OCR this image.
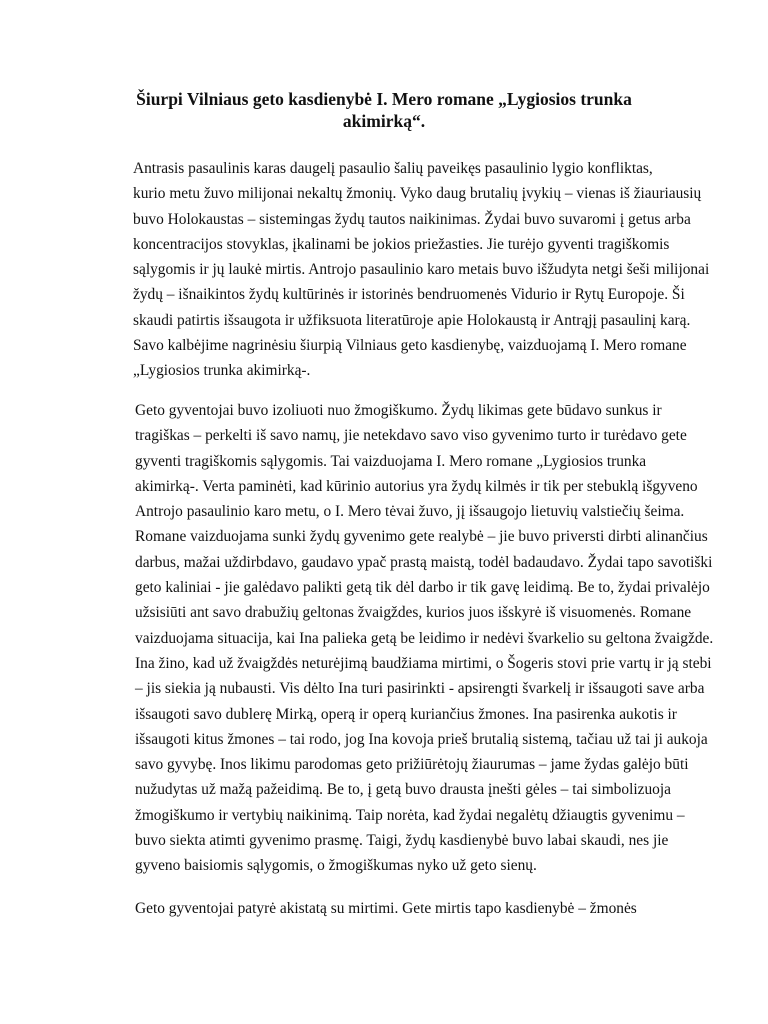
Šiurpi Vilniaus geto kasdienybė I. Mero romane „Lygiosios trunka akimirką“.
Antrasis pasaulinis karas daugelį pasaulio šalių paveikęs pasaulinio lygio konfliktas,
kurio metu žuvo milijonai nekaltų žmonių. Vyko daug brutalių įvykių – vienas iš žiauriausių
buvo Holokaustas – sistemingas žydų tautos naikinimas. Žydai buvo suvaromi į getus arba
koncentracijos stovyklas, įkalinami be jokios priežasties. Jie turėjo gyventi tragiškomis
sąlygomis ir jų laukė mirtis. Antrojo pasaulinio karo metais buvo išžudyta netgi šeši milijonai
žydų – išnaikintos žydų kultūrinės ir istorinės bendruomenės Vidurio ir Rytų Europoje. Ši
skaudi patirtis išsaugota ir užfiksuota literatūroje apie Holokaustą ir Antrąjį pasaulinį karą.
Savo kalbėjime nagrinėsiu šiurpią Vilniaus geto kasdienybę, vaizduojamą I. Mero romane
„Lygiosios trunka akimirką-.
Geto gyventojai buvo izoliuoti nuo žmogiškumo. Žydų likimas gete būdavo sunkus ir
tragiškas – perkelti iš savo namų, jie netekdavo savo viso gyvenimo turto ir turėdavo gete
gyventi tragiškomis sąlygomis. Tai vaizduojama I. Mero romane „Lygiosios trunka
akimirką-. Verta paminėti, kad kūrinio autorius yra žydų kilmės ir tik per stebuklą išgyveno
Antrojo pasaulinio karo metu, o I. Mero tėvai žuvo, jį išsaugojo lietuvių valstiečių šeima.
Romane vaizduojama sunki žydų gyvenimo gete realybė – jie buvo priversti dirbti alinančius
darbus, mažai uždirbdavo, gaudavo ypač prastą maistą, todėl badaudavo. Žydai tapo savotiški
geto kaliniai - jie galėdavo palikti getą tik dėl darbo ir tik gavę leidimą. Be to, žydai privalėjo
užsisiūti ant savo drabužių geltonas žvaigždes, kurios juos išskyrė iš visuomenės. Romane
vaizduojama situacija, kai Ina palieka getą be leidimo ir nedėvi švarkelio su geltona žvaigžde.
Ina žino, kad už žvaigždės neturėjimą baudžiama mirtimi, o Šogeris stovi prie vartų ir ją stebi
– jis siekia ją nubausti. Vis dėlto Ina turi pasirinkti - apsirengti švarkelį ir išsaugoti save arba
išsaugoti savo dublerę Mirką, operą ir operą kuriančius žmones. Ina pasirenka aukotis ir
išsaugoti kitus žmones – tai rodo, jog Ina kovoja prieš brutalią sistemą, tačiau už tai ji aukoja
savo gyvybę. Inos likimu parodomas geto prižiūrėtojų žiaurumas – jame žydas galėjo būti
nužudytas už mažą pažeidimą. Be to, į getą buvo drausta įnešti gėles – tai simbolizuoja
žmogiškumo ir vertybių naikinimą. Taip norėta, kad žydai negalėtų džiaugtis gyvenimu –
buvo siekta atimti gyvenimo prasmę. Taigi, žydų kasdienybė buvo labai skaudi, nes jie
gyveno baisiomis sąlygomis, o žmogiškumas nyko už geto sienų.
Geto gyventojai patyrė akistatą su mirtimi. Gete mirtis tapo kasdienybė – žmonės
